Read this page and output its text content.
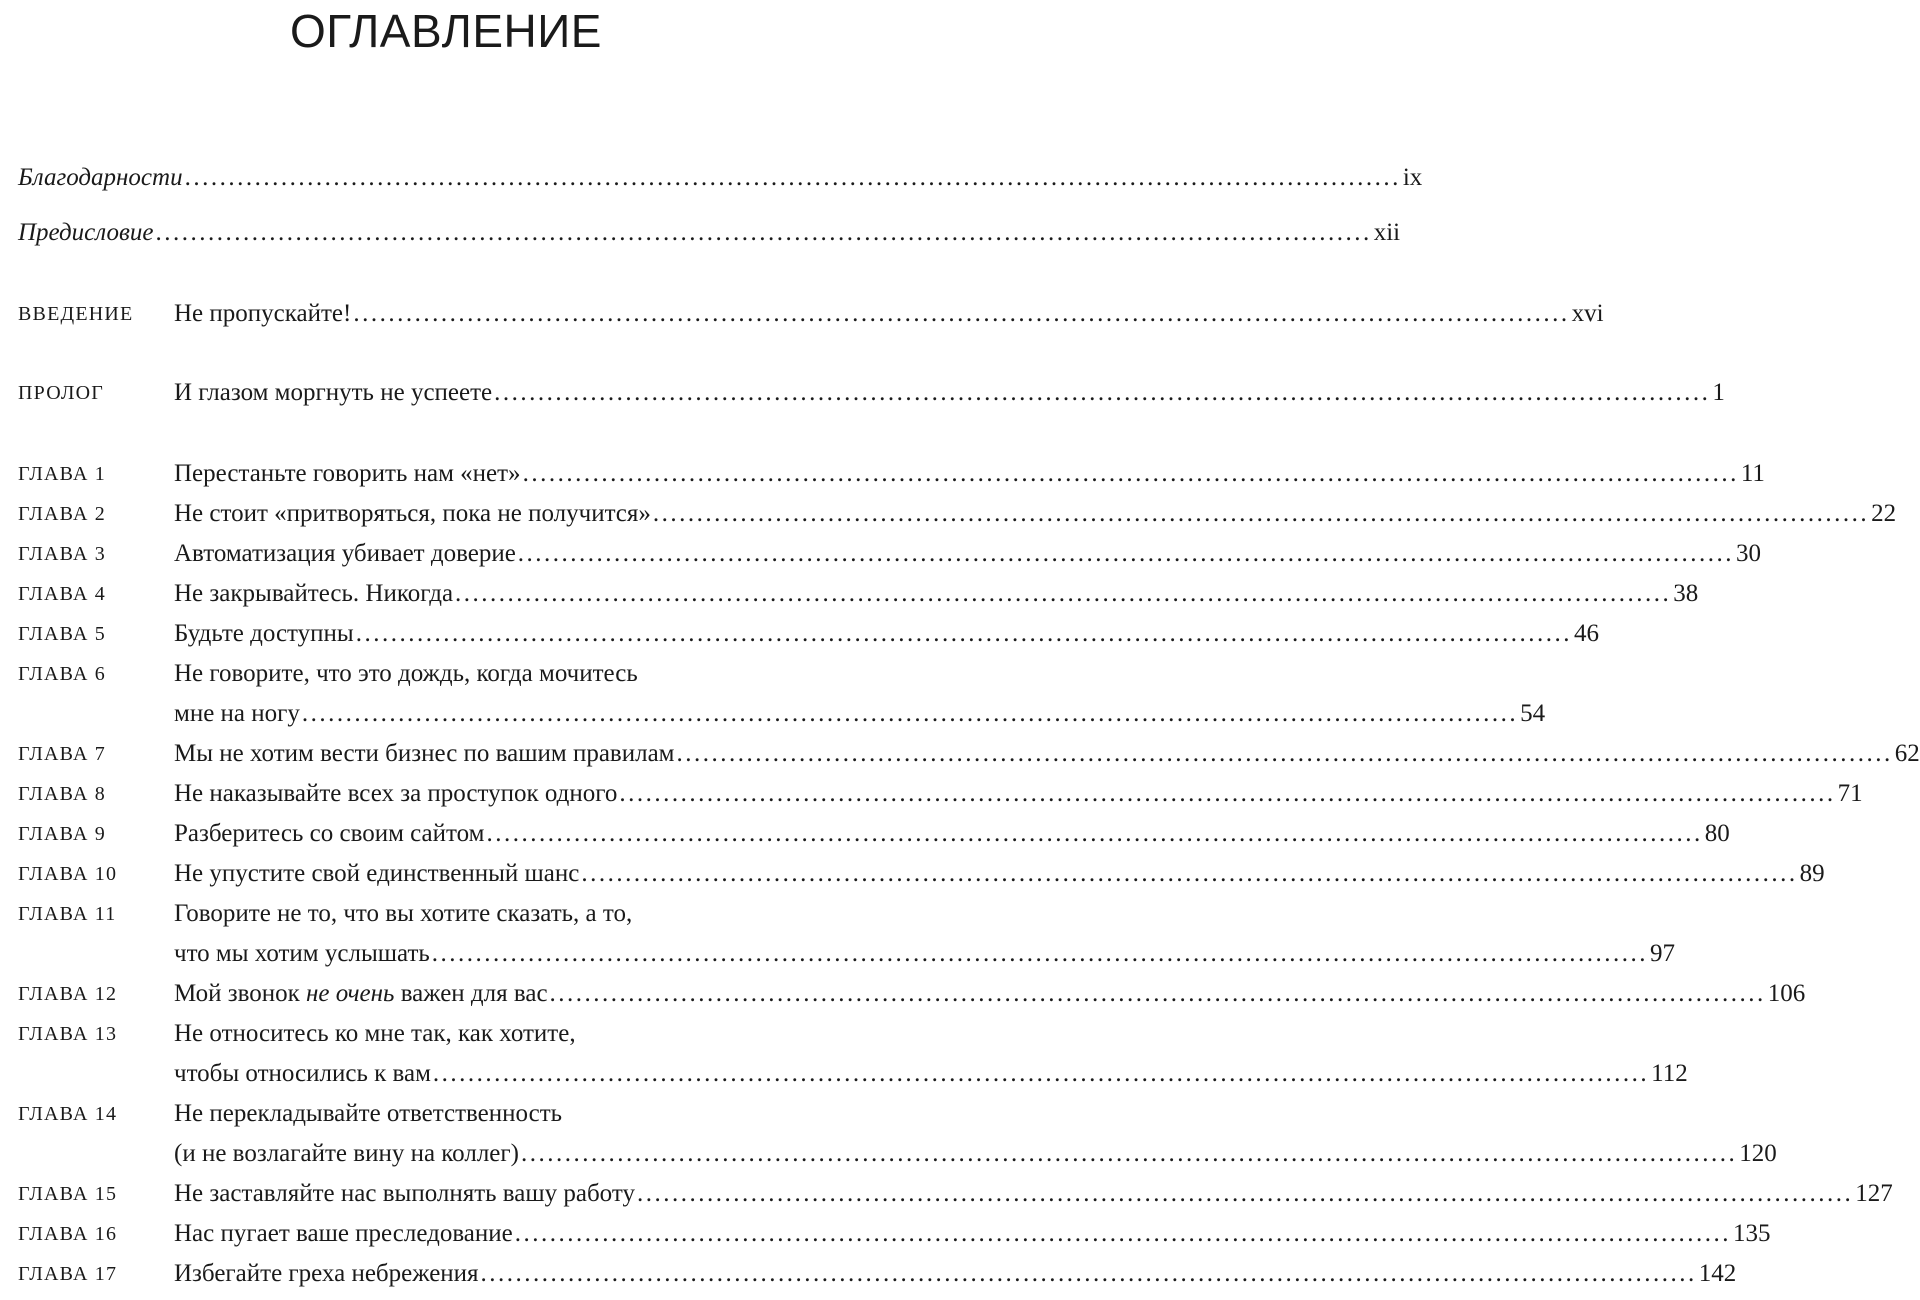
ОГЛАВЛЕНИЕ
Благодарности ........................................................................................................................................... ix
Предисловие ........................................................................................................................................... xii
ВВЕДЕНИЕ Не пропускайте! ........................................................................................................................................... xvi
ПРОЛОГ	И глазом моргнуть не успеете ........................................................................................................................................... 1
ГЛАВА 1	Перестаньте говорить нам «нет» ........................................................................................................................................... 11
ГЛАВА 2	Не стоит «притворяться, пока не получится» ........................................................................................................................................... 22
ГЛАВА 3	Автоматизация убивает доверие ........................................................................................................................................... 30
ГЛАВА 4	Не закрывайтесь. Никогда ........................................................................................................................................... 38
ГЛАВА 5	Будьте доступны ........................................................................................................................................... 46
ГЛАВА 6	Не говорите, что это дождь, когда мочитесь
мне на ногу ........................................................................................................................................... 54
ГЛАВА 7	Мы не хотим вести бизнес по вашим правилам ........................................................................................................................................... 62
ГЛАВА 8	Не наказывайте всех за проступок одного ........................................................................................................................................... 71
ГЛАВА 9	Разберитесь со своим сайтом ........................................................................................................................................... 80
ГЛАВА 10 Не упустите свой единственный шанс ........................................................................................................................................... 89
ГЛАВА 11 Говорите не то, что вы хотите сказать, а то,
что мы хотим услышать ........................................................................................................................................... 97
ГЛАВА 12 Мой звонок не очень важен для вас ........................................................................................................................................... 106
ГЛАВА 13 Не относитесь ко мне так, как хотите,
чтобы относились к вам ........................................................................................................................................... 112
ГЛАВА 14 Не перекладывайте ответственность
(и не возлагайте вину на коллег) ........................................................................................................................................... 120
ГЛАВА 15 Не заставляйте нас выполнять вашу работу ........................................................................................................................................... 127
ГЛАВА 16 Нас пугает ваше преследование ........................................................................................................................................... 135
ГЛАВА 17 Избегайте греха небрежения ........................................................................................................................................... 142
